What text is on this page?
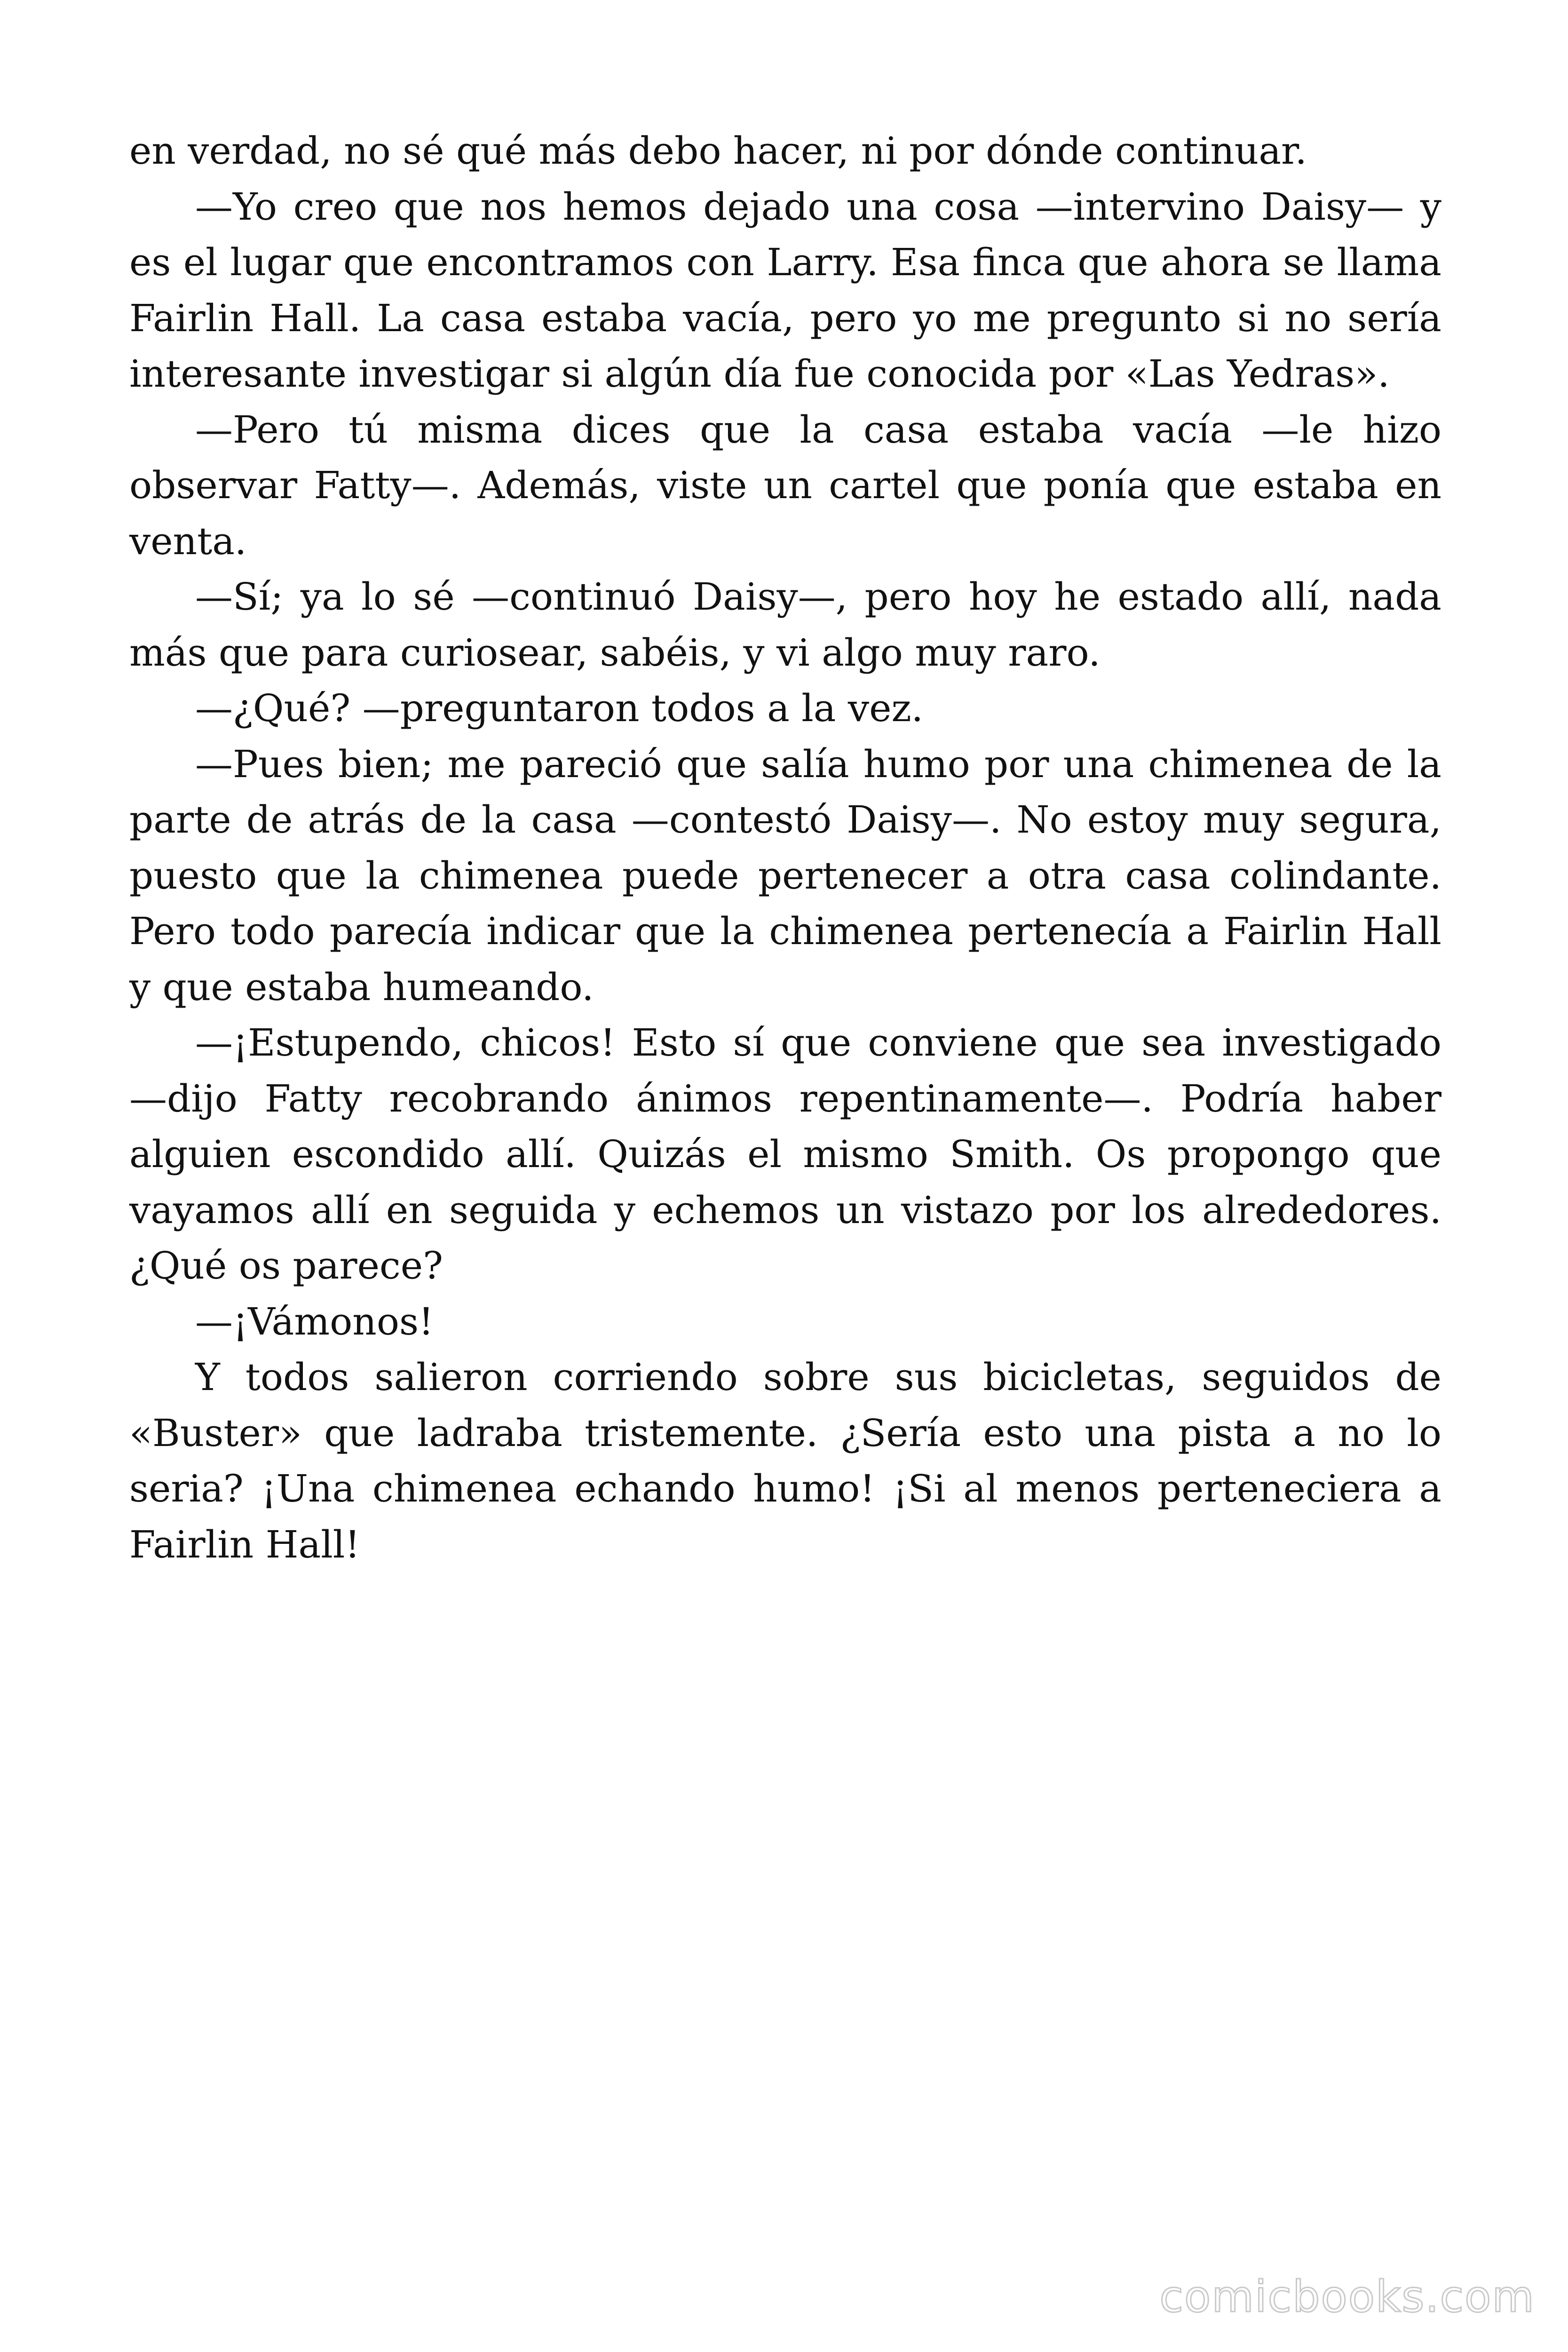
en verdad, no sé qué más debo hacer, ni por dónde continuar.

—Yo creo que nos hemos dejado una cosa —intervino Daisy— y es el lugar que encontramos con Larry. Esa finca que ahora se llama Fairlin Hall. La casa estaba vacía, pero yo me pregunto si no sería interesante investigar si algún día fue conocida por «Las Yedras».

—Pero tú misma dices que la casa estaba vacía —le hizo observar Fatty—. Además, viste un cartel que ponía que estaba en venta.

—Sí; ya lo sé —continuó Daisy—, pero hoy he estado allí, nada más que para curiosear, sabéis, y vi algo muy raro.

—¿Qué? —preguntaron todos a la vez.

—Pues bien; me pareció que salía humo por una chimenea de la parte de atrás de la casa —contestó Daisy—. No estoy muy segura, puesto que la chimenea puede pertenecer a otra casa colindante. Pero todo parecía indicar que la chimenea pertenecía a Fairlin Hall y que estaba humeando.

—¡Estupendo, chicos! Esto sí que conviene que sea investigado —dijo Fatty recobrando ánimos repentinamente—. Podría haber alguien escondido allí. Quizás el mismo Smith. Os propongo que vayamos allí en seguida y echemos un vistazo por los alrededores. ¿Qué os parece?

—¡Vámonos!

Y todos salieron corriendo sobre sus bicicletas, seguidos de «Buster» que ladraba tristemente. ¿Sería esto una pista a no lo seria? ¡Una chimenea echando humo! ¡Si al menos perteneciera a Fairlin Hall!

comicbooks.com
